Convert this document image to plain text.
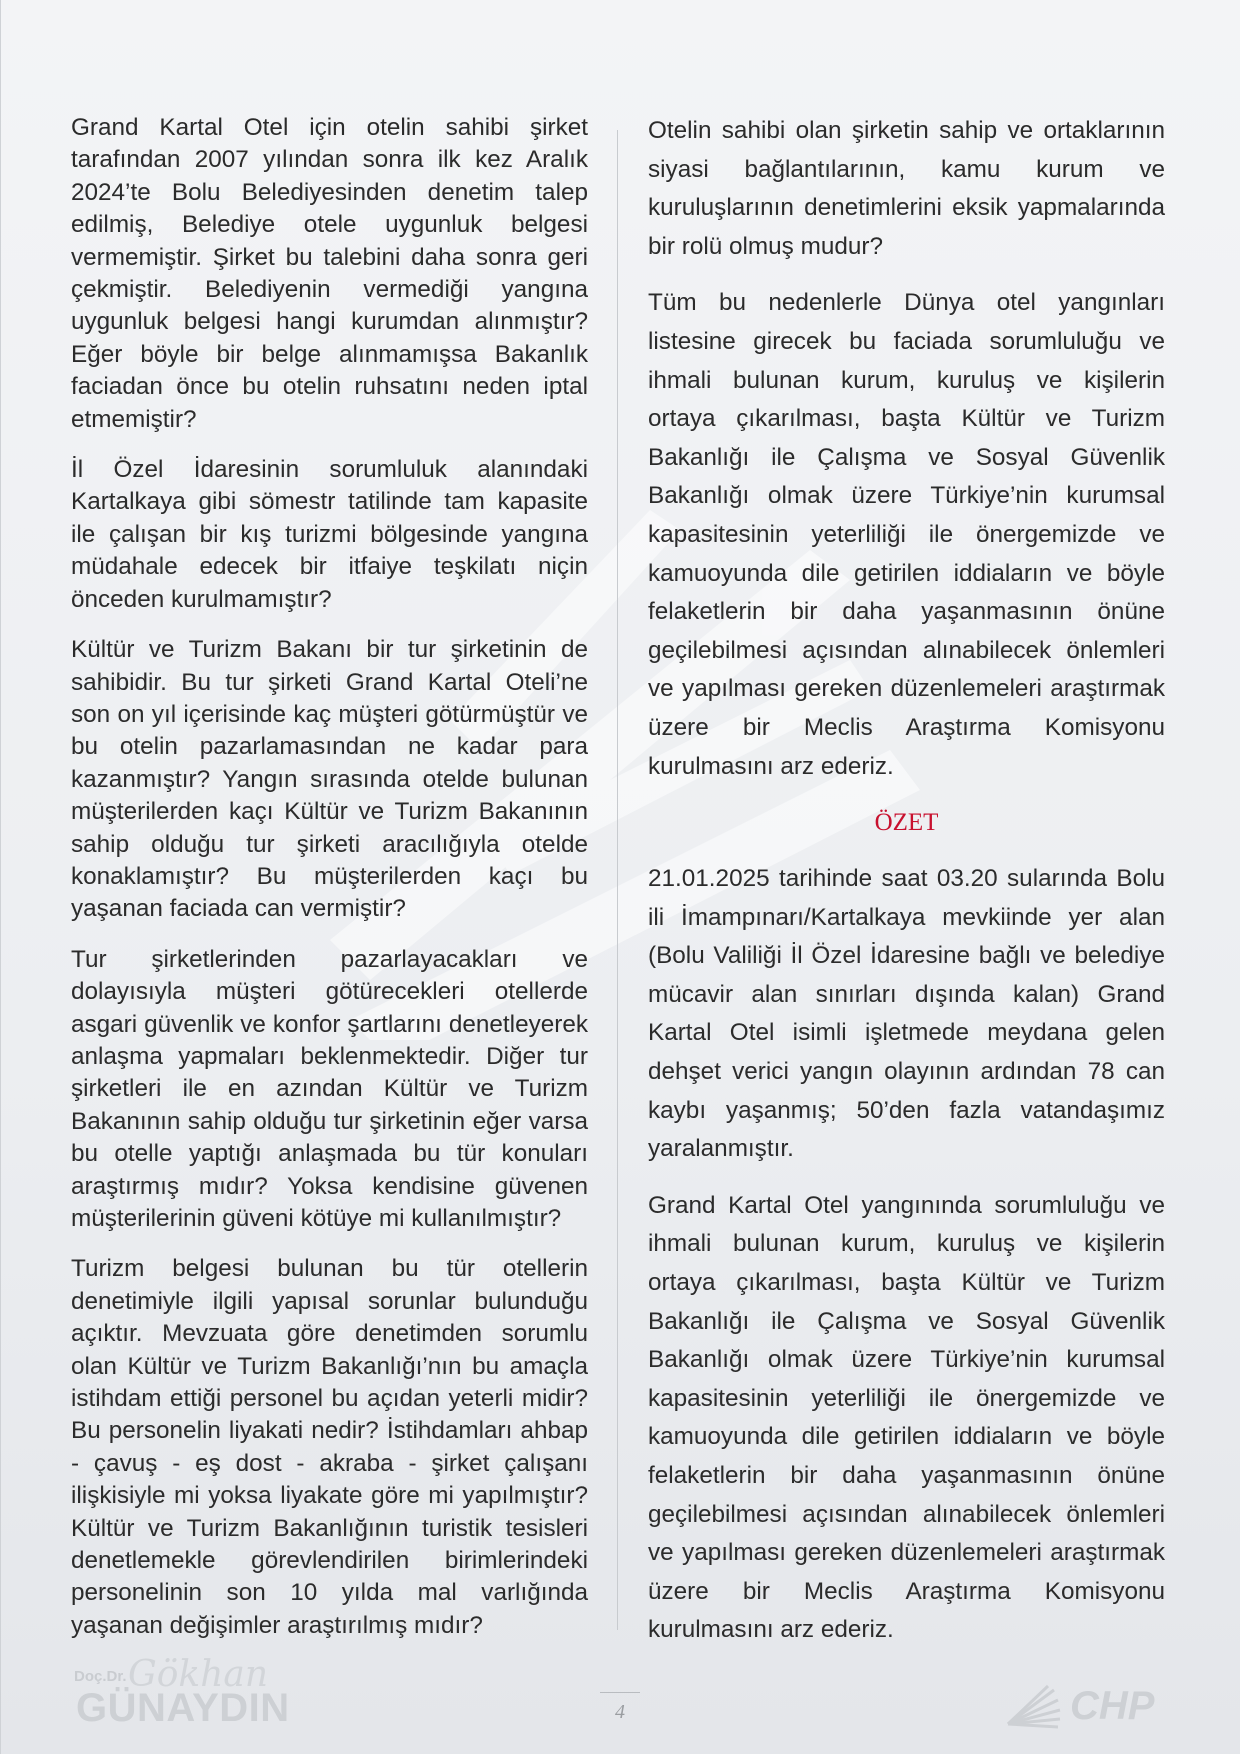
Grand Kartal Otel için otelin sahibi şirket tarafından 2007 yılından sonra ilk kez Aralık 2024’te Bolu Belediyesinden denetim talep edilmiş, Belediye otele uygunluk belgesi vermemiştir. Şirket bu talebini daha sonra geri çekmiştir. Belediyenin vermediği yangına uygunluk belgesi hangi kurumdan alınmıştır? Eğer böyle bir belge alınmamışsa Bakanlık faciadan önce bu otelin ruhsatını neden iptal etmemiştir?

İl Özel İdaresinin sorumluluk alanındaki Kartalkaya gibi sömestr tatilinde tam kapasite ile çalışan bir kış turizmi bölgesinde yangına müdahale edecek bir itfaiye teşkilatı niçin önceden kurulmamıştır?

Kültür ve Turizm Bakanı bir tur şirketinin de sahibidir. Bu tur şirketi Grand Kartal Oteli’ne son on yıl içerisinde kaç müşteri götürmüştür ve bu otelin pazarlamasından ne kadar para kazanmıştır? Yangın sırasında otelde bulunan müşterilerden kaçı Kültür ve Turizm Bakanının sahip olduğu tur şirketi aracılığıyla otelde konaklamıştır? Bu müşterilerden kaçı bu yaşanan faciada can vermiştir?

Tur şirketlerinden pazarlayacakları ve dolayısıyla müşteri götürecekleri otellerde asgari güvenlik ve konfor şartlarını denetleyerek anlaşma yapmaları beklenmektedir. Diğer tur şirketleri ile en azından Kültür ve Turizm Bakanının sahip olduğu tur şirketinin eğer varsa bu otelle yaptığı anlaşmada bu tür konuları araştırmış mıdır? Yoksa kendisine güvenen müşterilerinin güveni kötüye mi kullanılmıştır?

Turizm belgesi bulunan bu tür otellerin denetimiyle ilgili yapısal sorunlar bulunduğu açıktır. Mevzuata göre denetimden sorumlu olan Kültür ve Turizm Bakanlığı’nın bu amaçla istihdam ettiği personel bu açıdan yeterli midir? Bu personelin liyakati nedir? İstihdamları ahbap - çavuş - eş dost - akraba - şirket çalışanı ilişkisiyle mi yoksa liyakate göre mi yapılmıştır? Kültür ve Turizm Bakanlığının turistik tesisleri denetlemekle görevlendirilen birimlerindeki personelinin son 10 yılda mal varlığında yaşanan değişimler araştırılmış mıdır?

Otelin sahibi olan şirketin sahip ve ortaklarının siyasi bağlantılarının, kamu kurum ve kuruluşlarının denetimlerini eksik yapmalarında bir rolü olmuş mudur?

Tüm bu nedenlerle Dünya otel yangınları listesine girecek bu faciada sorumluluğu ve ihmali bulunan kurum, kuruluş ve kişilerin ortaya çıkarılması, başta Kültür ve Turizm Bakanlığı ile Çalışma ve Sosyal Güvenlik Bakanlığı olmak üzere Türkiye’nin kurumsal kapasitesinin yeterliliği ile önergemizde ve kamuoyunda dile getirilen iddiaların ve böyle felaketlerin bir daha yaşanmasının önüne geçilebilmesi açısından alınabilecek önlemleri ve yapılması gereken düzenlemeleri araştırmak üzere bir Meclis Araştırma Komisyonu kurulmasını arz ederiz.

ÖZET

21.01.2025 tarihinde saat 03.20 sularında Bolu ili İmampınarı/Kartalkaya mevkiinde yer alan (Bolu Valiliği İl Özel İdaresine bağlı ve belediye mücavir alan sınırları dışında kalan) Grand Kartal Otel isimli işletmede meydana gelen dehşet verici yangın olayının ardından 78 can kaybı yaşanmış; 50’den fazla vatandaşımız yaralanmıştır.

Grand Kartal Otel yangınında sorumluluğu ve ihmali bulunan kurum, kuruluş ve kişilerin ortaya çıkarılması, başta Kültür ve Turizm Bakanlığı ile Çalışma ve Sosyal Güvenlik Bakanlığı olmak üzere Türkiye’nin kurumsal kapasitesinin yeterliliği ile önergemizde ve kamuoyunda dile getirilen iddiaların ve böyle felaketlerin bir daha yaşanmasının önüne geçilebilmesi açısından alınabilecek önlemleri ve yapılması gereken düzenlemeleri araştırmak üzere bir Meclis Araştırma Komisyonu kurulmasını arz ederiz.

Doç.Dr. Gökhan
GÜNAYDIN	4	CHP
